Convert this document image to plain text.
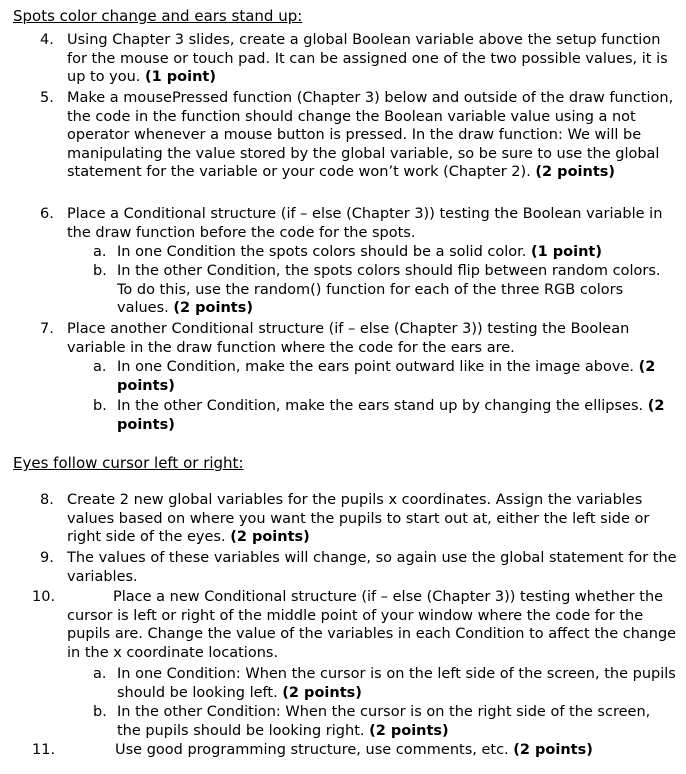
Spots color change and ears stand up:
4. Using Chapter 3 slides, create a global Boolean variable above the setup function for the mouse or touch pad. It can be assigned one of the two possible values, it is up to you. (1 point)
5. Make a mousePressed function (Chapter 3) below and outside of the draw function, the code in the function should change the Boolean variable value using a not operator whenever a mouse button is pressed. In the draw function: We will be manipulating the value stored by the global variable, so be sure to use the global statement for the variable or your code won’t work (Chapter 2). (2 points)
6. Place a Conditional structure (if – else (Chapter 3)) testing the Boolean variable in the draw function before the code for the spots.
a. In one Condition the spots colors should be a solid color. (1 point)
b. In the other Condition, the spots colors should flip between random colors. To do this, use the random() function for each of the three RGB colors values. (2 points)
7. Place another Conditional structure (if – else (Chapter 3)) testing the Boolean variable in the draw function where the code for the ears are.
a. In one Condition, make the ears point outward like in the image above. (2 points)
b. In the other Condition, make the ears stand up by changing the ellipses. (2 points)
Eyes follow cursor left or right:
8. Create 2 new global variables for the pupils x coordinates. Assign the variables values based on where you want the pupils to start out at, either the left side or right side of the eyes. (2 points)
9. The values of these variables will change, so again use the global statement for the variables.
10.	Place a new Conditional structure (if – else (Chapter 3)) testing whether the cursor is left or right of the middle point of your window where the code for the pupils are. Change the value of the variables in each Condition to affect the change in the x coordinate locations.
a. In one Condition: When the cursor is on the left side of the screen, the pupils should be looking left. (2 points)
b. In the other Condition: When the cursor is on the right side of the screen, the pupils should be looking right. (2 points)
11.	Use good programming structure, use comments, etc. (2 points)
